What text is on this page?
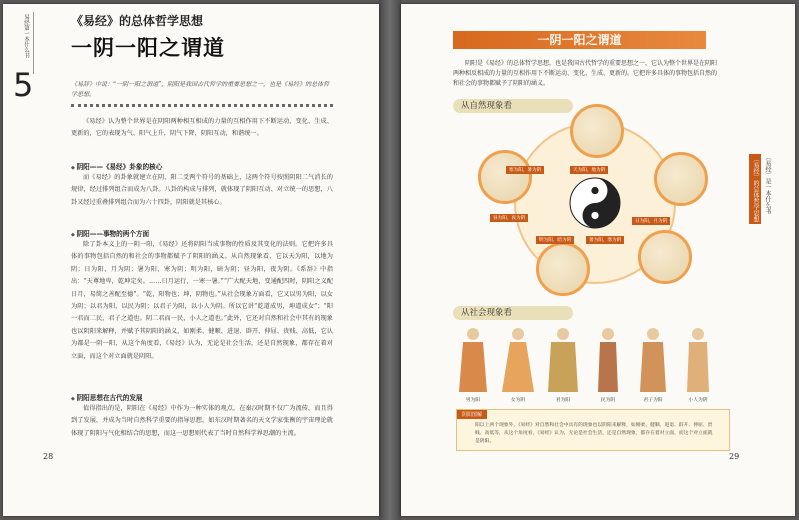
易经第一本什么书
5
《易经》的总体哲学思想
一阴一阳之谓道
《易辞》中说：“一阴一阳之谓道”，阴阳是我国古代哲学的重要思想之一，也是《易经》的总体哲学思想。

《易经》认为整个世界是在阴阳两种相互相成的力量的互相作用下不断运动、变化、生成、更新的，它的表现为气、阳气上升，阴气下降，阴阳互动，和谐统一。

◆ 阴阳——《易经》卦象的核心

而《易经》的卦象就建立在阴、阳二爻两个符号的基础上，这两个符号按照阴阳二气消长的规律，经过排列组合而成为八卦。八卦的构成与排列，就体现了阴阳互动、对立统一的思想，八卦又经过重叠排列组合而为六十四卦，阴阳就是其核心。

◆ 阴阳——事物的两个方面

除了卦本义上的一阴一阳，《易经》还将阴阳当成事物的性质及其变化的法则。它把许多具体的事物包括自然的和社会的事物都赋予了阴阳的涵义。从自然现象看，它以天为阳，以地为阴；日为阳，月为阴；暑为阳，寒为阴；明为阳，暗为阴；昼为阳，夜为阴。《系辞》中指出：“天尊地卑，乾坤定矣。……日月运行，一寒一暑。”“广大配天地，变通配四时，阴阳之义配日月，易简之善配至德”。“乾，阳物也；坤，阴物也。”从社会现象方面看，它又以男为阳，以女为阴；以君为阳，以民为阴；以君子为阳，以小人为阴。所以它讲“乾道成男，坤道成女”；“阳一君而二民，君子之道也。阴二君而一民，小人之道也。”此外，它还对自然和社会中其有的现象也以阴阳来解释，并赋予其阴阳的涵义，如刚柔、健顺、进退、辟开、伸屈、贵贱、高低，它认为都是一阴一阳，从这个角度看，《易经》认为，无论是社会生活，还是自然现象，都存在着对立面，而这个对立面就是阴阳。

◆ 阴阳思想在古代的发展

值得指出的是，阴阳在《易经》中作为一种实体的观点，在秦汉时期不仅广为流传，而且得到了发展，并成为当时自然科学重要的指导思想。如东汉时期著名的天文学家张衡的宇宙理论就体现了阴阳与气化相结合的思想，而这一思想则代表了当时自然科学界思潮的主流。

28
一阴一阳之谓道

阴阳是《易经》的总体哲学思想，也是我国古代哲学的重要思想之一，它认为整个世界是在阴阳两种相反相成的力量的互相作用下不断运动、变化、生成、更新的。它把许多具体的事物包括自然的和社会的事物都赋予了阴阳的涵义。

从自然现象看
天为阳，地为阴
日为阳，月为阴
暑为阳，寒为阴
明为阳，暗为阴
昼为阳，夜为阴
寒为阳，暑为阴
从社会现象看
男为阳	女为阴	君为阳	民为阴	君子为阳	小人为阴
阴阳图解

阳以上两个现象外，《易经》对自然和社会中具有的现象也以阴阳来解释，如刚柔、健顺、进退、辟开、伸屈、贵贱、高低等，从这个角度看，《易经》认为，无论是社会生活，还是自然现象，都存在着对立面，而这个对立面就是阴阳。

〔易经〕是一本什么书
〔易经〕的总体哲学思想
29
